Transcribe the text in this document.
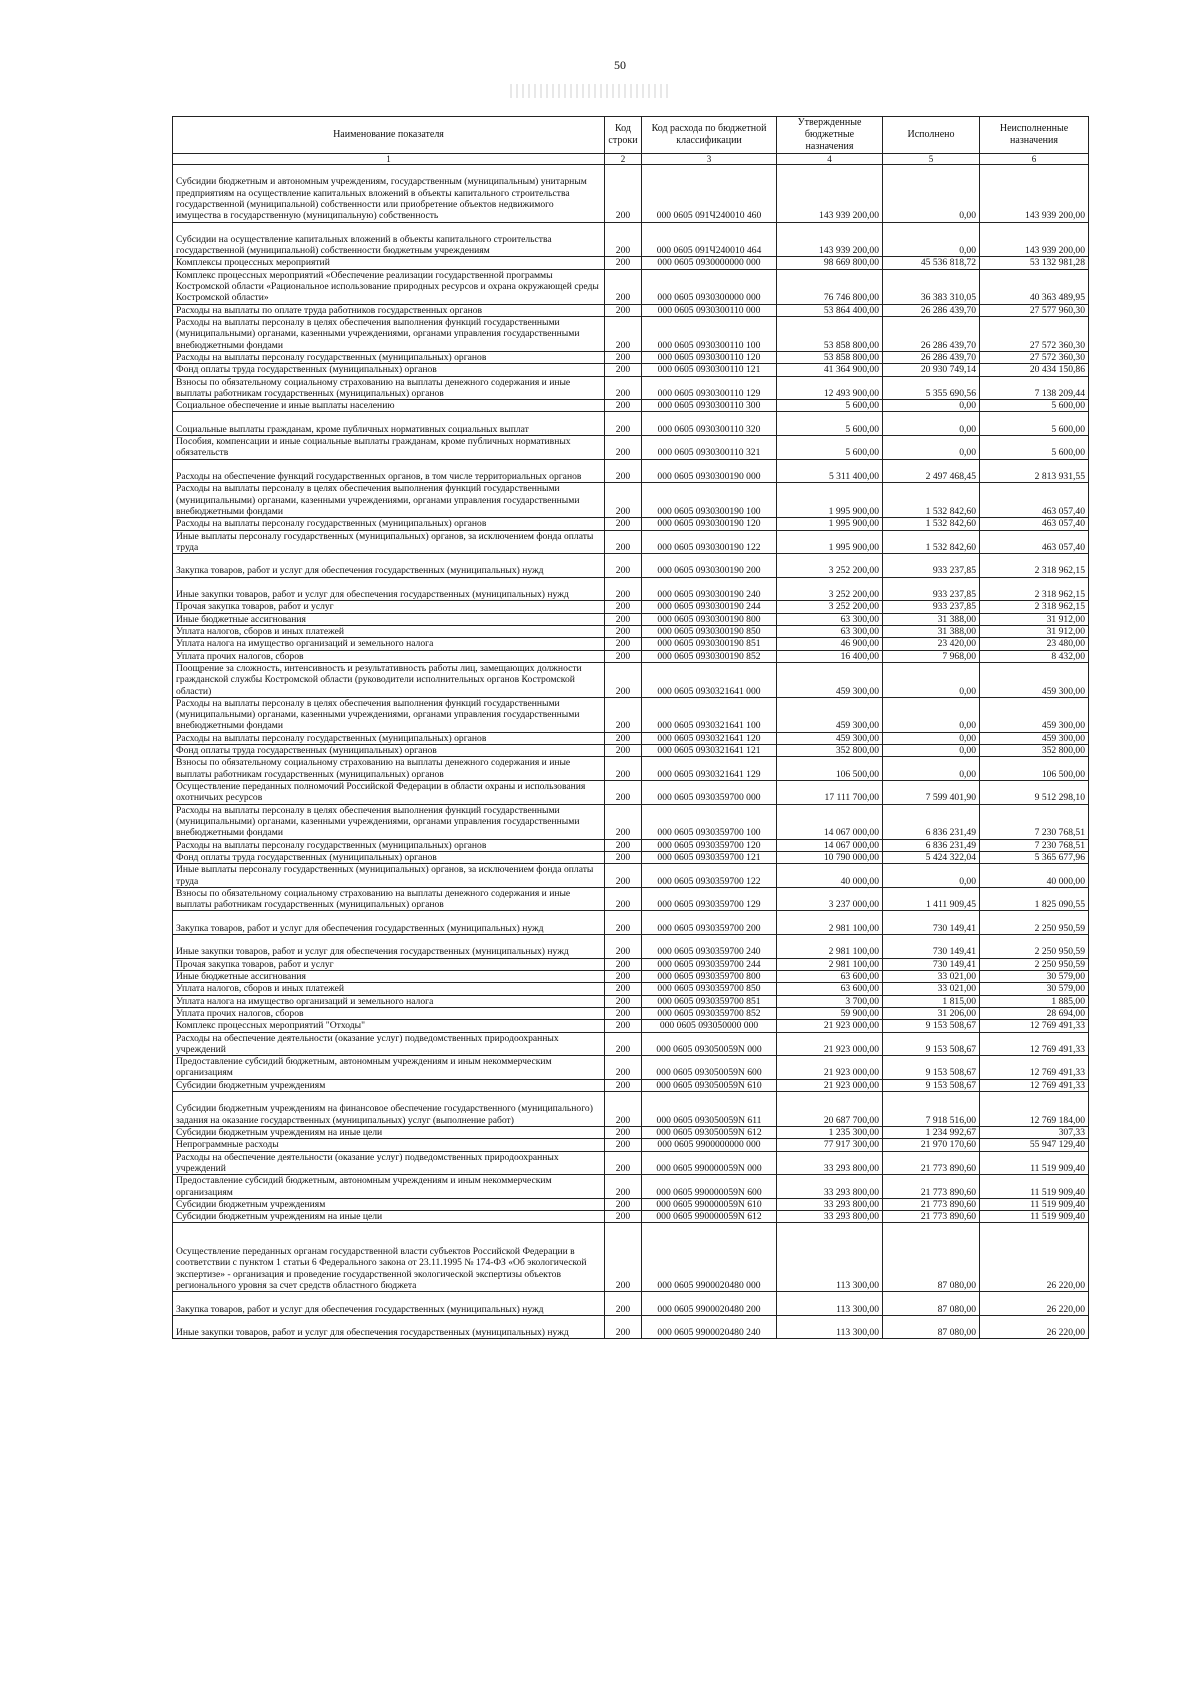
50
Наименование показателя	Код строки	Код расхода по бюджетной классификации	Утвержденные бюджетные назначения	Исполнено	Неисполненные назначения
1	2	3	4	5	6
Субсидии бюджетным и автономным учреждениям, государственным (муниципальным) унитарным предприятиям на осуществление капитальных вложений в объекты капитального строительства государственной (муниципальной) собственности или приобретение объектов недвижимого имущества в государственную (муниципальную) собственность	200	000 0605 091Ч240010 460	143 939 200,00	0,00	143 939 200,00
Субсидии на осуществление капитальных вложений в объекты капитального строительства государственной (муниципальной) собственности бюджетным учреждениям	200	000 0605 091Ч240010 464	143 939 200,00	0,00	143 939 200,00
Комплексы процессных мероприятий	200	000 0605 0930000000 000	98 669 800,00	45 536 818,72	53 132 981,28
Комплекс процессных мероприятий «Обеспечение реализации государственной программы Костромской области «Рациональное использование природных ресурсов и охрана окружающей среды Костромской области»	200	000 0605 0930300000 000	76 746 800,00	36 383 310,05	40 363 489,95
Расходы на выплаты по оплате труда работников государственных органов	200	000 0605 0930300110 000	53 864 400,00	26 286 439,70	27 577 960,30
Расходы на выплаты персоналу в целях обеспечения выполнения функций государственными (муниципальными) органами, казенными учреждениями, органами управления государственными внебюджетными фондами	200	000 0605 0930300110 100	53 858 800,00	26 286 439,70	27 572 360,30
Расходы на выплаты персоналу государственных (муниципальных) органов	200	000 0605 0930300110 120	53 858 800,00	26 286 439,70	27 572 360,30
Фонд оплаты труда государственных (муниципальных) органов	200	000 0605 0930300110 121	41 364 900,00	20 930 749,14	20 434 150,86
Взносы по обязательному социальному страхованию на выплаты денежного содержания и иные выплаты работникам государственных (муниципальных) органов	200	000 0605 0930300110 129	12 493 900,00	5 355 690,56	7 138 209,44
Социальное обеспечение и иные выплаты населению	200	000 0605 0930300110 300	5 600,00	0,00	5 600,00
Социальные выплаты гражданам, кроме публичных нормативных социальных выплат	200	000 0605 0930300110 320	5 600,00	0,00	5 600,00
Пособия, компенсации и иные социальные выплаты гражданам, кроме публичных нормативных обязательств	200	000 0605 0930300110 321	5 600,00	0,00	5 600,00
Расходы на обеспечение функций государственных органов, в том числе территориальных органов	200	000 0605 0930300190 000	5 311 400,00	2 497 468,45	2 813 931,55
Расходы на выплаты персоналу в целях обеспечения выполнения функций государственными (муниципальными) органами, казенными учреждениями, органами управления государственными внебюджетными фондами	200	000 0605 0930300190 100	1 995 900,00	1 532 842,60	463 057,40
Расходы на выплаты персоналу государственных (муниципальных) органов	200	000 0605 0930300190 120	1 995 900,00	1 532 842,60	463 057,40
Иные выплаты персоналу государственных (муниципальных) органов, за исключением фонда оплаты труда	200	000 0605 0930300190 122	1 995 900,00	1 532 842,60	463 057,40
Закупка товаров, работ и услуг для обеспечения государственных (муниципальных) нужд	200	000 0605 0930300190 200	3 252 200,00	933 237,85	2 318 962,15
Иные закупки товаров, работ и услуг для обеспечения государственных (муниципальных) нужд	200	000 0605 0930300190 240	3 252 200,00	933 237,85	2 318 962,15
Прочая закупка товаров, работ и услуг	200	000 0605 0930300190 244	3 252 200,00	933 237,85	2 318 962,15
Иные бюджетные ассигнования	200	000 0605 0930300190 800	63 300,00	31 388,00	31 912,00
Уплата налогов, сборов и иных платежей	200	000 0605 0930300190 850	63 300,00	31 388,00	31 912,00
Уплата налога на имущество организаций и земельного налога	200	000 0605 0930300190 851	46 900,00	23 420,00	23 480,00
Уплата прочих налогов, сборов	200	000 0605 0930300190 852	16 400,00	7 968,00	8 432,00
Поощрение за сложность, интенсивность и результативность работы лиц, замещающих должности гражданской службы Костромской области (руководители исполнительных органов Костромской области)	200	000 0605 0930321641 000	459 300,00	0,00	459 300,00
Расходы на выплаты персоналу в целях обеспечения выполнения функций государственными (муниципальными) органами, казенными учреждениями, органами управления государственными внебюджетными фондами	200	000 0605 0930321641 100	459 300,00	0,00	459 300,00
Расходы на выплаты персоналу государственных (муниципальных) органов	200	000 0605 0930321641 120	459 300,00	0,00	459 300,00
Фонд оплаты труда государственных (муниципальных) органов	200	000 0605 0930321641 121	352 800,00	0,00	352 800,00
Взносы по обязательному социальному страхованию на выплаты денежного содержания и иные выплаты работникам государственных (муниципальных) органов	200	000 0605 0930321641 129	106 500,00	0,00	106 500,00
Осуществление переданных полномочий Российской Федерации в области охраны и использования охотничьих ресурсов	200	000 0605 0930359700 000	17 111 700,00	7 599 401,90	9 512 298,10
Расходы на выплаты персоналу в целях обеспечения выполнения функций государственными (муниципальными) органами, казенными учреждениями, органами управления государственными внебюджетными фондами	200	000 0605 0930359700 100	14 067 000,00	6 836 231,49	7 230 768,51
Расходы на выплаты персоналу государственных (муниципальных) органов	200	000 0605 0930359700 120	14 067 000,00	6 836 231,49	7 230 768,51
Фонд оплаты труда государственных (муниципальных) органов	200	000 0605 0930359700 121	10 790 000,00	5 424 322,04	5 365 677,96
Иные выплаты персоналу государственных (муниципальных) органов, за исключением фонда оплаты труда	200	000 0605 0930359700 122	40 000,00	0,00	40 000,00
Взносы по обязательному социальному страхованию на выплаты денежного содержания и иные выплаты работникам государственных (муниципальных) органов	200	000 0605 0930359700 129	3 237 000,00	1 411 909,45	1 825 090,55
Закупка товаров, работ и услуг для обеспечения государственных (муниципальных) нужд	200	000 0605 0930359700 200	2 981 100,00	730 149,41	2 250 950,59
Иные закупки товаров, работ и услуг для обеспечения государственных (муниципальных) нужд	200	000 0605 0930359700 240	2 981 100,00	730 149,41	2 250 950,59
Прочая закупка товаров, работ и услуг	200	000 0605 0930359700 244	2 981 100,00	730 149,41	2 250 950,59
Иные бюджетные ассигнования	200	000 0605 0930359700 800	63 600,00	33 021,00	30 579,00
Уплата налогов, сборов и иных платежей	200	000 0605 0930359700 850	63 600,00	33 021,00	30 579,00
Уплата налога на имущество организаций и земельного налога	200	000 0605 0930359700 851	3 700,00	1 815,00	1 885,00
Уплата прочих налогов, сборов	200	000 0605 0930359700 852	59 900,00	31 206,00	28 694,00
Комплекс процессных мероприятий "Отходы"	200	000 0605 093050000 000	21 923 000,00	9 153 508,67	12 769 491,33
Расходы на обеспечение деятельности (оказание услуг) подведомственных природоохранных учреждений	200	000 0605 093050059N 000	21 923 000,00	9 153 508,67	12 769 491,33
Предоставление субсидий бюджетным, автономным учреждениям и иным некоммерческим организациям	200	000 0605 093050059N 600	21 923 000,00	9 153 508,67	12 769 491,33
Субсидии бюджетным учреждениям	200	000 0605 093050059N 610	21 923 000,00	9 153 508,67	12 769 491,33
Субсидии бюджетным учреждениям на финансовое обеспечение государственного (муниципального) задания на оказание государственных (муниципальных) услуг (выполнение работ)	200	000 0605 093050059N 611	20 687 700,00	7 918 516,00	12 769 184,00
Субсидии бюджетным учреждениям на иные цели	200	000 0605 093050059N 612	1 235 300,00	1 234 992,67	307,33
Непрограммные расходы	200	000 0605 9900000000 000	77 917 300,00	21 970 170,60	55 947 129,40
Расходы на обеспечение деятельности (оказание услуг) подведомственных природоохранных учреждений	200	000 0605 990000059N 000	33 293 800,00	21 773 890,60	11 519 909,40
Предоставление субсидий бюджетным, автономным учреждениям и иным некоммерческим организациям	200	000 0605 990000059N 600	33 293 800,00	21 773 890,60	11 519 909,40
Субсидии бюджетным учреждениям	200	000 0605 990000059N 610	33 293 800,00	21 773 890,60	11 519 909,40
Субсидии бюджетным учреждениям на иные цели	200	000 0605 990000059N 612	33 293 800,00	21 773 890,60	11 519 909,40
Осуществление переданных органам государственной власти субъектов Российской Федерации в соответствии с пунктом 1 статьи 6 Федерального закона от 23.11.1995 № 174-ФЗ «Об экологической экспертизе» - организация и проведение государственной экологической экспертизы объектов регионального уровня за счет средств областного бюджета	200	000 0605 9900020480 000	113 300,00	87 080,00	26 220,00
Закупка товаров, работ и услуг для обеспечения государственных (муниципальных) нужд	200	000 0605 9900020480 200	113 300,00	87 080,00	26 220,00
Иные закупки товаров, работ и услуг для обеспечения государственных (муниципальных) нужд	200	000 0605 9900020480 240	113 300,00	87 080,00	26 220,00
